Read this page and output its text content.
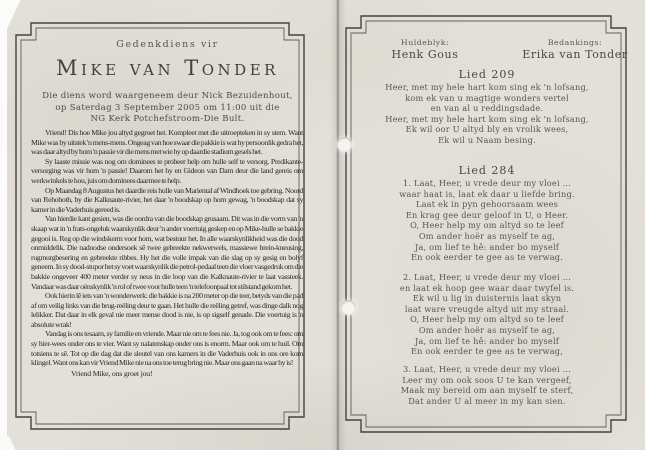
Gedenkdiens vir
Mike van Tonder
Die diens word waargeneem deur Nick Bezuidenhout,
op Saterdag 3 September 2005 om 11:00 uit die
NG Kerk Potchefstroom-Die Bult.

Vriend! Dis hoe Mike jou altyd gegroet het. Kompleet met die uitroepteken in sy stem. Want Mike was by uitstek 'n mens-mens. Ongeag van hoe swaar die pakkie is wat hy persoonlik gedra het, was daar altyd by hom 'n passie vir die mens met wie hy op daardie stadium gesels het.

Sy laaste missie was nog om dominees te probeer help om hulle self te versorg. Predikante-versorging was vir hom 'n passie! Daarom het hy en Gideon van Dam deur die land gereis om werkwinkels te hou, juis om dominees daarmee te help.

Op Maandag 8 Augustus het daardie reis hulle van Mariental af Windhoek toe gebring. Noord van Rehoboth, by die Kalknaute-rivier, het daar 'n boodskap op hom gewag, 'n boodskap dat sy kamer in die Vaderhuis gereed is.

Van hierdie kant gesien, was die oordra van die boodskap grusaam. Dit was in die vorm van 'n skaap wat in 'n frats-ongeluk waarskynlik deur 'n ander voertuig geskep en op Mike-hulle se bakkie gegooi is. Reg op die windskerm voor hom, wat bestuur het. In alle waarskynlikheid was die dood onmiddelik. Die nadoodse ondersoek sê twee gebreekte nekwerwels, massiewe brein-kneusing, rugmurgbesering en gebreekte ribbes. Hy het die volle impak van die slag op sy gesig en bolyf geneem. In sy dood-stupor het sy voet waarskynlik die petrol-pedaal teen die vloer vasgedruk om die bakkie ongeveer 400 meter verder sy neus in die loop van die Kalknaute-rivier te laat vassteek. Vandaar was daar oënskynlik 'n rol of twee voor hulle teen 'n telefoonpaal tot stilstand gekom het.

Ook hierin lê iets van 'n wonderwerk: die bakkie is na 200 meter op die teer, betyds van die pad af om veilig links van die brug-reëling deur te gaan. Het hulle die reëling getref, was dinge dalk nog lelikker. Dat daar in elk geval nie meer mense dood is nie, is op sigself genade. Die voertuig is 'n absolute wrak!

Vandag is ons tesaam, sy familie en vriende. Maar nie om te fees nie. Ja, tog ook om te fees: om sy hier-wees onder ons te vier. Want sy nalatenskap onder ons is enorm. Maar ook om te huil. Om totsiens te sê. Tot op die dag dat die sleutel van ons kamers in die Vaderhuis ook in ons ore kom klingel. Want ons kan vir Vriend Mike nie na ons toe terug bring nie. Maar ons gaan na waar hy is!

Vriend Mike, ons groet jou!
Huldeblyk:
Henk Gous
Bedankings:
Erika van Tonder
Lied 209
Heer, met my hele hart kom sing ek 'n lofsang,
kom ek van u magtige wonders vertel
en van al u reddingsdade.
Heer, met my hele hart kom sing ek 'n lofsang,
Ek wil oor U altyd bly en vrolik wees,
Ek wil u Naam besing.
Lied 284
1. Laat, Heer, u vrede deur my vloei ...
waar haat is, laat ek daar u liefde bring.
Laat ek in pyn gehoorsaam wees
En krag gee deur geloof in U, o Heer.
O, Heer help my om altyd so te leef
Om ander hoër as myself te ag,
Ja, om lief te hê: ander bo myself
En ook eerder te gee as te verwag.
2. Laat, Heer, u vrede deur my vloei ...
en laat ek hoop gee waar daar twyfel is.
Ek wil u lig in duisternis laat skyn
laat ware vreugde altyd uit my straal.
O, Heer help my om altyd so te leef
Om ander hoër as myself te ag,
Ja, om lief te hê: ander bo myself
En ook eerder te gee as te verwag,
3. Laat, Heer, u vrede deur my vloei ...
Leer my om ook soos U te kan vergeef,
Maak my bereid om aan myself te sterf,
Dat ander U al meer in my kan sien.
